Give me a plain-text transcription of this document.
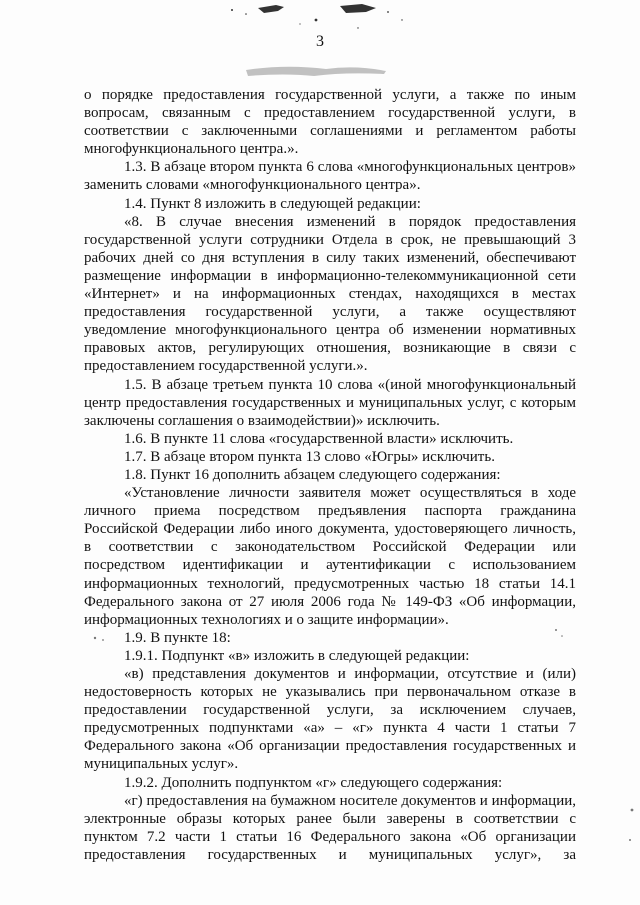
3

о порядке предоставления государственной услуги, а также по иным вопросам, связанным с предоставлением государственной услуги, в соответствии с заключенными соглашениями и регламентом работы многофункционального центра.».

1.3. В абзаце втором пункта 6 слова «многофункциональных центров» заменить словами «многофункционального центра».

1.4. Пункт 8 изложить в следующей редакции:

«8. В случае внесения изменений в порядок предоставления государственной услуги сотрудники Отдела в срок, не превышающий 3 рабочих дней со дня вступления в силу таких изменений, обеспечивают размещение информации в информационно-телекоммуникационной сети «Интернет» и на информационных стендах, находящихся в местах предоставления государственной услуги, а также осуществляют уведомление многофункционального центра об изменении нормативных правовых актов, регулирующих отношения, возникающие в связи с предоставлением государственной услуги.».

1.5. В абзаце третьем пункта 10 слова «(иной многофункциональный центр предоставления государственных и муниципальных услуг, с которым заключены соглашения о взаимодействии)» исключить.

1.6. В пункте 11 слова «государственной власти» исключить.

1.7. В абзаце втором пункта 13 слово «Югры» исключить.

1.8. Пункт 16 дополнить абзацем следующего содержания:

«Установление личности заявителя может осуществляться в ходе личного приема посредством предъявления паспорта гражданина Российской Федерации либо иного документа, удостоверяющего личность, в соответствии с законодательством Российской Федерации или посредством идентификации и аутентификации с использованием информационных технологий, предусмотренных частью 18 статьи 14.1 Федерального закона от 27 июля 2006 года № 149-ФЗ «Об информации, информационных технологиях и о защите информации».

1.9. В пункте 18:

1.9.1. Подпункт «в» изложить в следующей редакции:

«в) представления документов и информации, отсутствие и (или) недостоверность которых не указывались при первоначальном отказе в предоставлении государственной услуги, за исключением случаев, предусмотренных подпунктами «а» – «г» пункта 4 части 1 статьи 7 Федерального закона «Об организации предоставления государственных и муниципальных услуг».

1.9.2. Дополнить подпунктом «г» следующего содержания:

«г) предоставления на бумажном носителе документов и информации, электронные образы которых ранее были заверены в соответствии с пунктом 7.2 части 1 статьи 16 Федерального закона «Об организации предоставления государственных и муниципальных услуг», за
